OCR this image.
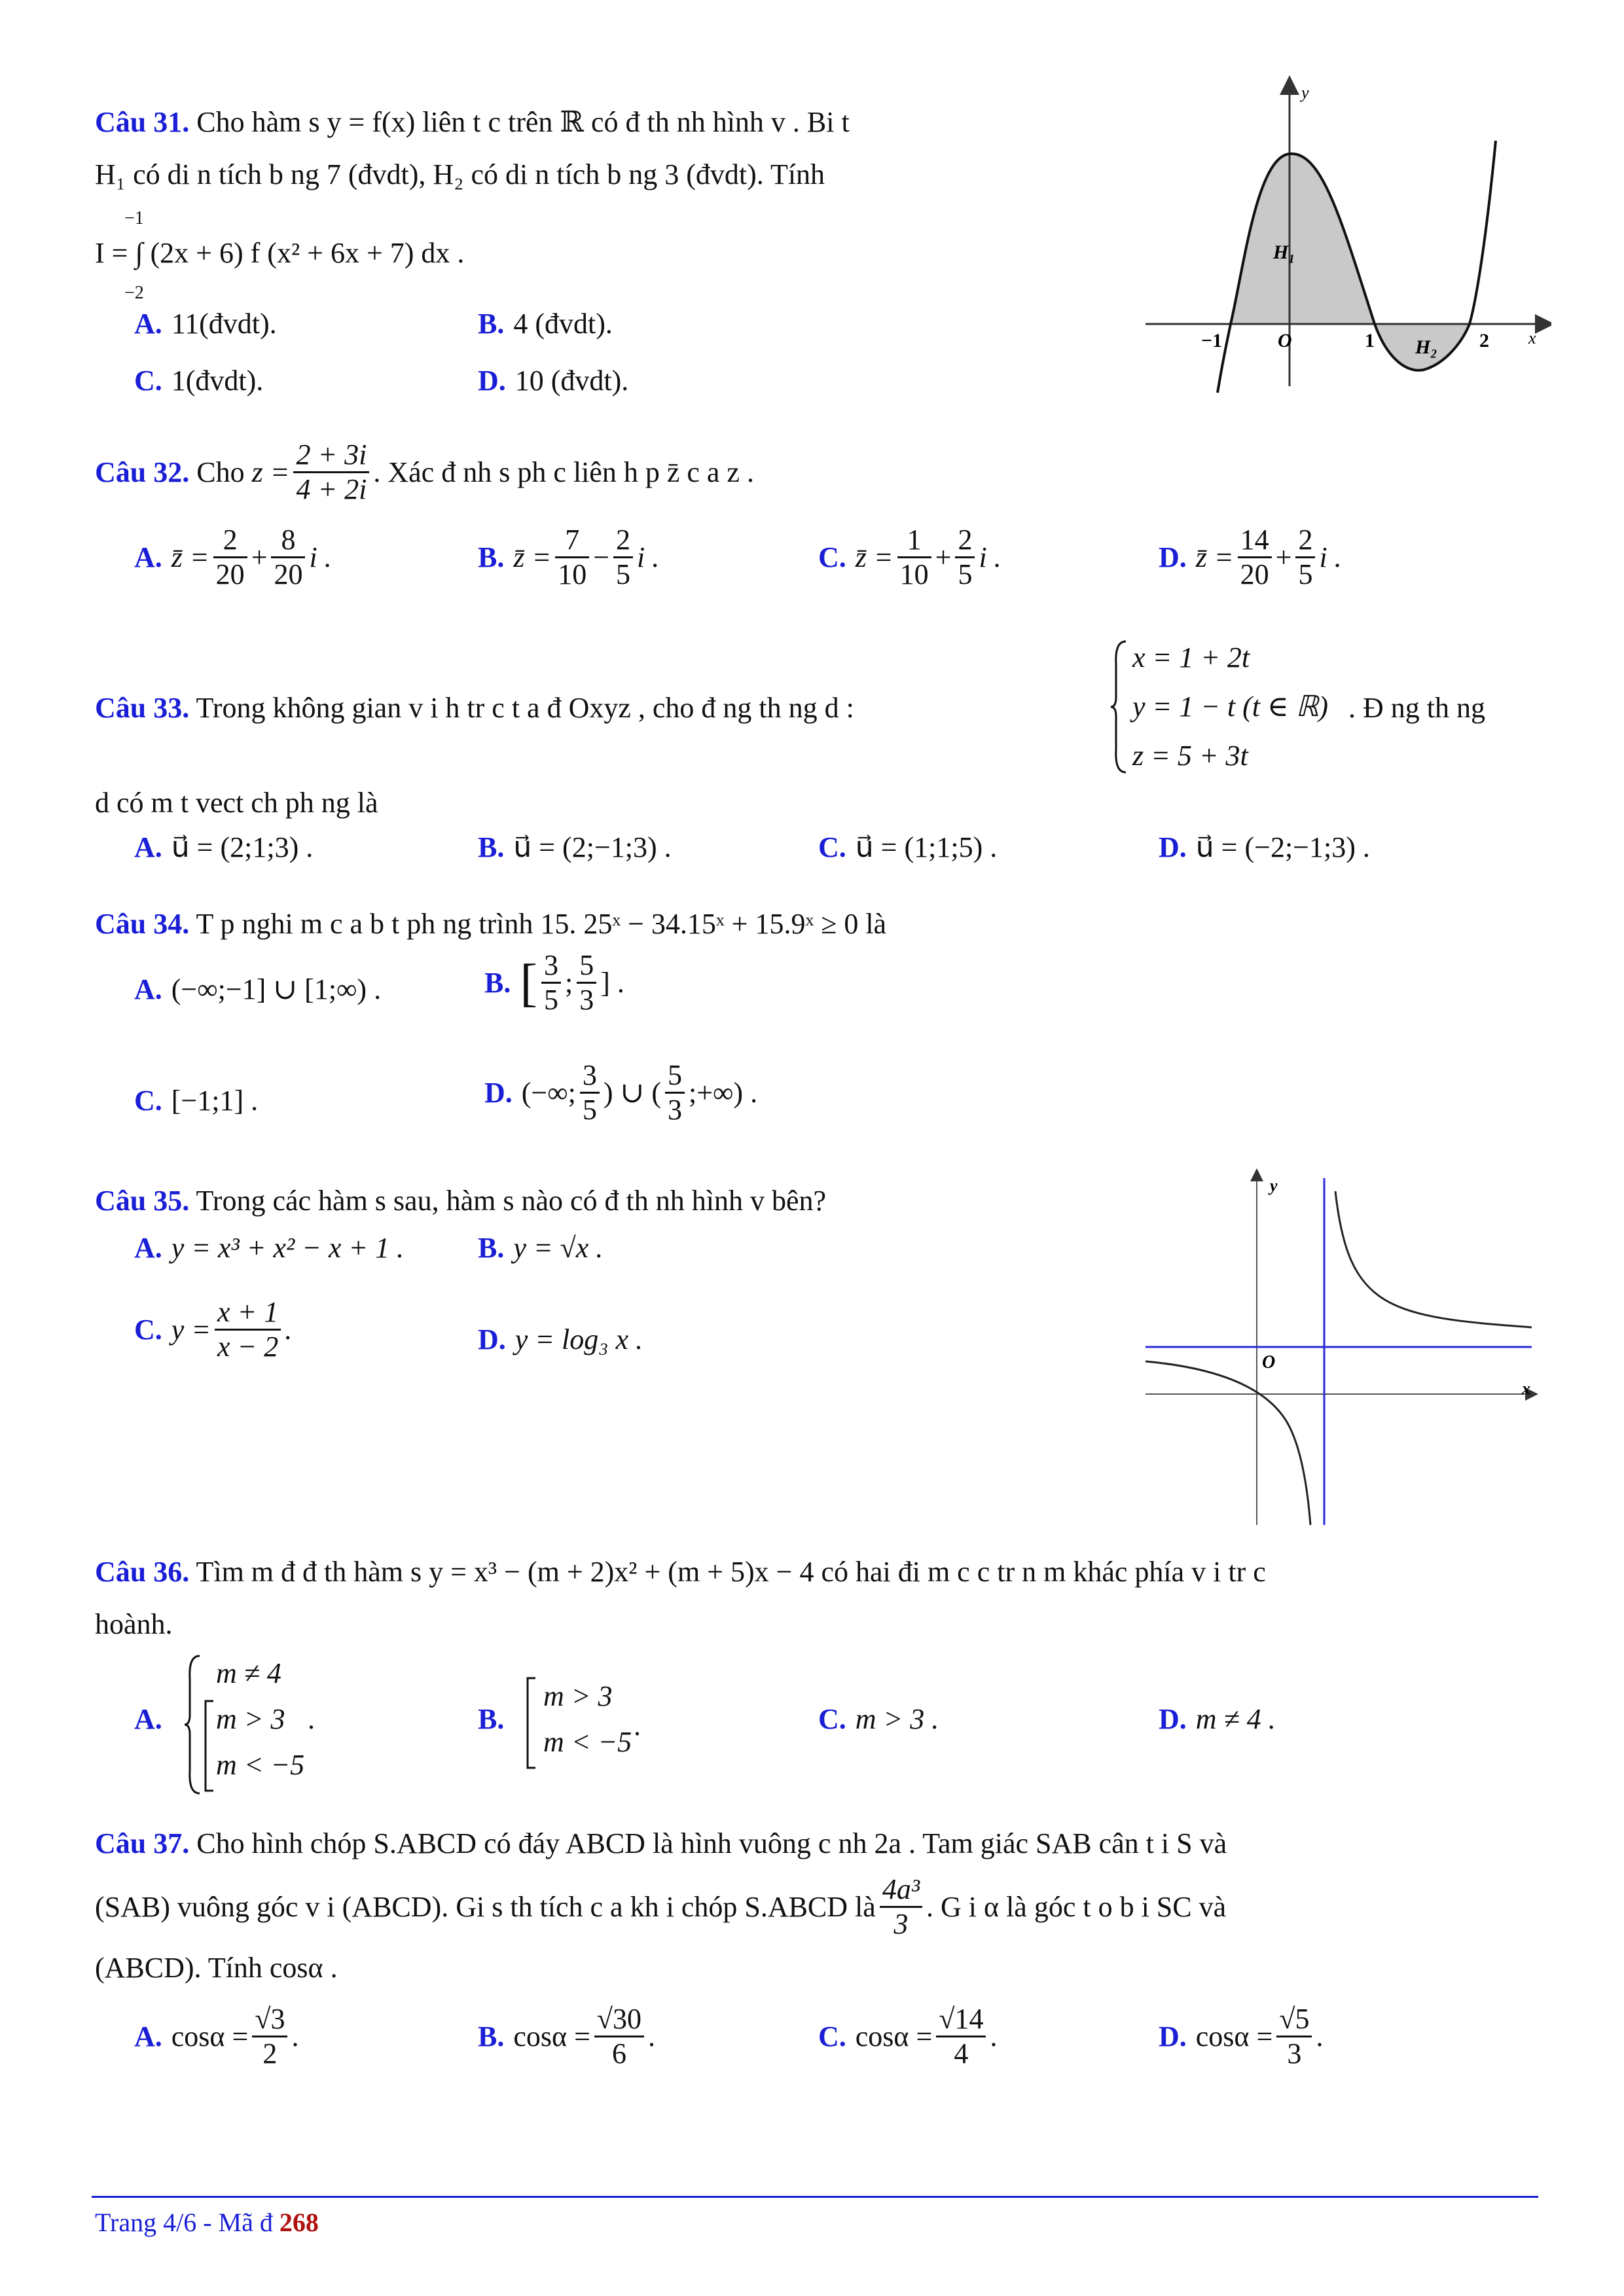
Câu 31. Cho hàm s y = f(x) liên t c trên ℝ có đ th nh hình v . Bi t
H₁ có di n tích b ng 7 (đvdt), H₂ có di n tích b ng 3 (đvdt). Tính
−1
I = ∫ (2x + 6) f (x² + 6x + 7) dx .
−2
A. 11(đvdt).	B. 4 (đvdt).
C. 1(đvdt).	D. 10 (đvdt).
y
x
O
−1	1	2
H₁
H₂
Câu 32.
Cho
$z = \frac{2 + 3i}{4 + 2i}$ . Xác đ nh s ph c liên h p z̄ c a z .
A. z̄ = $\frac{2}{20} + \frac{8}{20}$ i .	B. z̄ = $\frac{7}{10} - \frac{2}{5}$ i .	C. z̄ = $\frac{1}{10} + \frac{2}{5}$ i .	D. z̄ = $\frac{14}{20} + \frac{2}{5}$ i .
Câu 33. Trong không gian v i h tr c t a đ Oxyz , cho đ ng th ng d :
x = 1 + 2t
y = 1 − t (t ∈ ℝ)
z = 5 + 3t
. Đ ng th ng
d có m t vect ch ph ng là
A. u⃗ = (2;1;3) .	B. u⃗ = (2;−1;3) .	C. u⃗ = (1;1;5) .	D. u⃗ = (−2;−1;3) .
Câu 34. T p nghi m c a b t ph ng trình 15. 25ˣ − 34.15ˣ + 15.9ˣ ≥ 0 là
A. (−∞;−1] ∪ [1;∞) .	B. [ $\frac{3}{5}$ ; $\frac{5}{3}$ ] .
C. [−1;1] .	D. (−∞; $\frac{3}{5}$ ) ∪ ( $\frac{5}{3}$ ;+∞) .
Câu 35. Trong các hàm s sau, hàm s nào có đ th nh hình v bên?
A. y = x³ + x² − x + 1 .	B. y = √x .
C. $y = \frac{x + 1}{x - 2}$ .	D. y = log₃ x .
y
x
O
Câu 36. Tìm m đ đ th hàm s y = x³ − (m + 2)x² + (m + 5)x − 4 có hai đi m c c tr n m khác phía v i tr c
hoành.
A.
m ≠ 4
m > 3 .
m < −5
B.
m > 3
m < −5
.	C. m > 3 .	D. m ≠ 4 .
Câu 37. Cho hình chóp S.ABCD có đáy ABCD là hình vuông c nh 2a . Tam giác SAB cân t i S và
(SAB) vuông góc v i (ABCD). Gi s th tích c a kh i chóp S.ABCD là $\frac{\text{4a³}}{3}$ . G i α là góc t o b i SC và
(ABCD). Tính cosα .
A. $\cos\alpha = \frac{√3}{2}$ .	B. $\cos\alpha = \frac{√30}{6}$ .	C. $\cos\alpha = \frac{√14}{4}$ .	D. $\cos\alpha = \frac{√5}{3}$ .
Trang 4/6 - Mã đ 268
